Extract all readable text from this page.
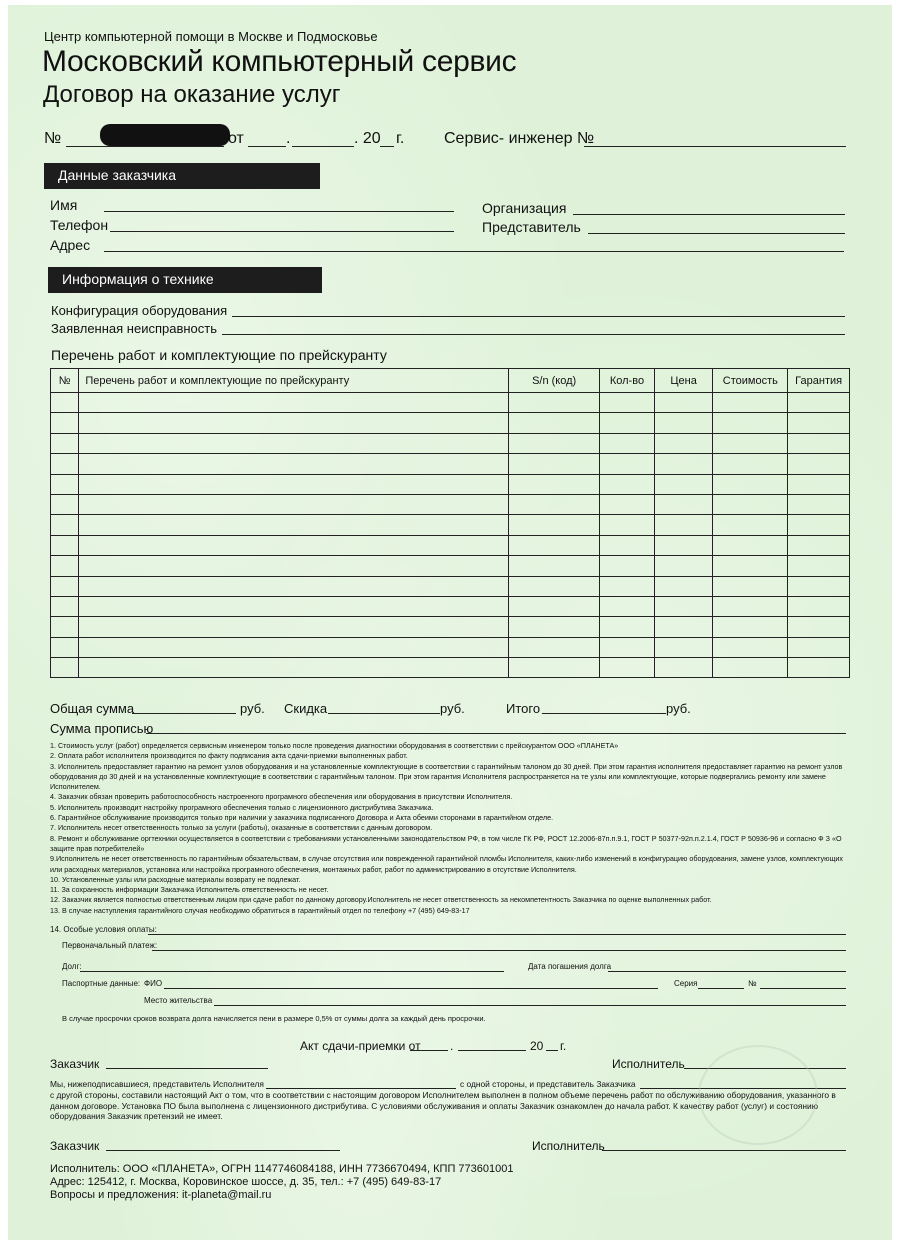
Центр компьютерной помощи в Москве и Подмосковье
Московский компьютерный сервис
Договор на оказание услуг
№	от	.	. 20 г. Сервис- инженер №
Данные заказчика
Имя
Телефон
Адрес
Организация
Представитель
Информация о технике
Конфигурация оборудования
Заявленная неисправность
Перечень работ и комплектующие по прейскуранту
№	Перечень работ и комплектующие по прейскуранту	S/n (код)	Кол-во	Цена	Стоимость	Гарантия

Общая сумма	руб. Скидка	руб.	Итого	руб.
Сумма прописью
1. Стоимость услуг (работ) определяется сервисным инженером только после проведения диагностики оборудования в соответствии с прейскурантом ООО «ПЛАНЕТА»
2. Оплата работ исполнителя производится по факту подписания акта сдачи-приемки выполненных работ.
3. Исполнитель предоставляет гарантию на ремонт узлов оборудования и на установленные комплектующие в соответствии с гарантийным талоном до 30 дней. При этом гарантия исполнителя предоставляет гарантию на ремонт узлов оборудования до 30 дней и на установленные комплектующие в соответствии с гарантийным талоном. При этом гарантия Исполнителя распространяется на те узлы или комплектующие, которые подвергались ремонту или замене Исполнителем.
4. Заказчик обязан проверить работоспособность настроенного програмного обеспечения или оборудования в присутствии Исполнителя.
5. Исполнитель производит настройку програмного обеспечения только с лицензионного дистрибутива Заказчика.
6. Гарантийное обслуживание производится только при наличии у заказчика подписанного Договора и Акта обеими сторонами в гарантийном отделе.
7. Исполнитель несет ответственность только за услуги (работы), оказанные в соответствии с данным договором.
8. Ремонт и обслуживание оргтехники осуществляется в соответствии с требованиями установленными законодательством РФ, в том числе ГК РФ, РОСТ 12.2006-87п.п.9.1, ГОСТ Р 50377-92п.п.2.1.4, ГОСТ Р 50936-96 и согласно Ф З «О защите прав потребителей»
9.Исполнитель не несет ответственность по гарантийным обязательствам, в случае отсутствия или поврежденной гарантийной пломбы Исполнителя, каких-либо изменений в конфигурацию оборудования, замене узлов, комплектующих или расходных материалов, установка или настройка програмного обеспечения, монтажных работ, работ по администрированию в отсутствие Исполнителя.
10. Установленные узлы или расходные материалы возврату не подлежат.
11. За сохранность информации Заказчика Исполнитель ответственность не несет.
12. Заказчик является полностью ответственным лицом при сдаче работ по данному договору.Исполнитель не несет ответственность за некомпетентность Заказчика по оценке выполненных работ.
13. В случае наступления гарантийного случая необходимо обратиться в гарантийный отдел по телефону +7 (495) 649-83-17
14. Особые условия оплаты:
Первоначальный платеж:
Долг:	Дата погашения долга
Паспортные данные: ФИО	Серия	№
Место жительства
В случае просрочки сроков возврата долга начисляется пени в размере 0,5% от суммы долга за каждый день просрочки.
Акт сдачи-приемки от .	20 г.
Заказчик	Исполнитель
Мы, нижеподписавшиеся, представитель Исполнителя	с одной стороны, и представитель Заказчика
с другой стороны, составили настоящий Акт о том, что в соответствии с настоящим договором Исполнителем выполнен в полном объеме перечень работ по обслуживанию оборудования, указанного в данном договоре. Установка ПО была выполнена с лицензионного дистрибутива. С условиями обслуживания и оплаты Заказчик ознакомлен до начала работ. К качеству работ (услуг) и состоянию оборудования Заказчик претензий не имеет.
Заказчик	Исполнитель
Исполнитель: ООО «ПЛАНЕТА», ОГРН 1147746084188, ИНН 7736670494, КПП 773601001
Адрес: 125412, г. Москва, Коровинское шоссе, д. 35, тел.: +7 (495) 649-83-17
Вопросы и предложения: it-planeta@mail.ru
